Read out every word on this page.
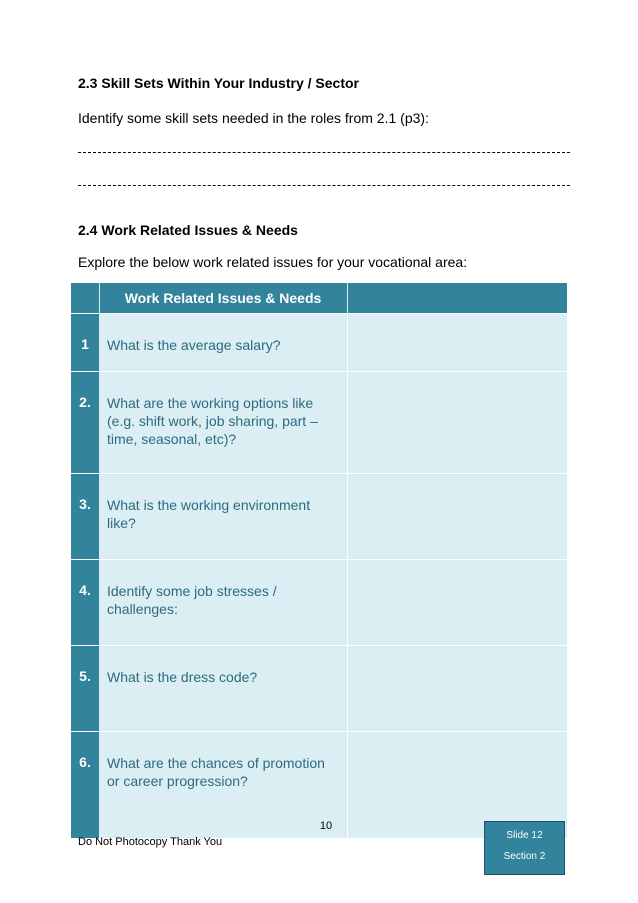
2.3 Skill Sets Within Your Industry / Sector
Identify some skill sets needed in the roles from 2.1 (p3):
2.4 Work Related Issues & Needs
Explore the below work related issues for your vocational area:
	Work Related Issues & Needs	
1	What is the average salary?	
2.	What are the working options like (e.g. shift work, job sharing, part – time, seasonal, etc)?	
3.	What is the working environment like?	
4.	Identify some job stresses / challenges:	
5.	What is the dress code?	
6.	What are the chances of promotion or career progression?	
10
Do Not Photocopy Thank You
Slide 12
Section 2
